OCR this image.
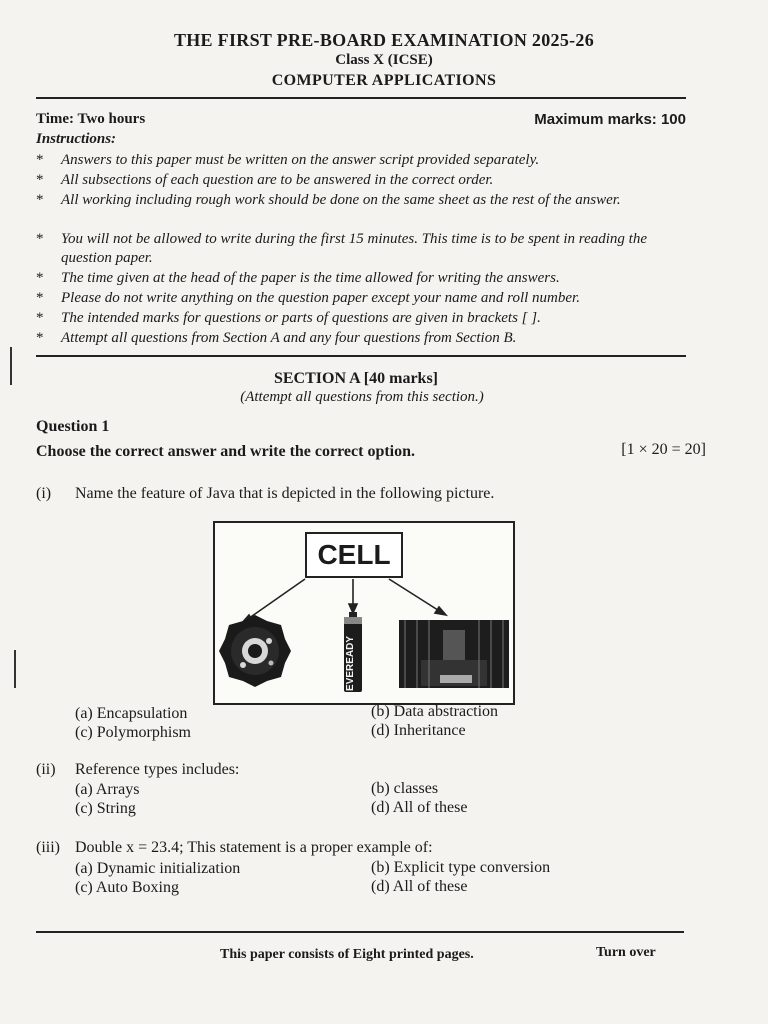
THE FIRST PRE-BOARD EXAMINATION 2025-26
Class X (ICSE)
COMPUTER APPLICATIONS
Time: Two hours	Maximum marks: 100
Instructions:
* Answers to this paper must be written on the answer script provided separately.
* All subsections of each question are to be answered in the correct order.
* All working including rough work should be done on the same sheet as the rest of the answer.
* You will not be allowed to write during the first 15 minutes. This time is to be spent in reading the question paper.
* The time given at the head of the paper is the time allowed for writing the answers.
* Please do not write anything on the question paper except your name and roll number.
* The intended marks for questions or parts of questions are given in brackets [ ].
* Attempt all questions from Section A and any four questions from Section B.
SECTION A [40 marks]
(Attempt all questions from this section.)
Question 1
Choose the correct answer and write the correct option.	[1 × 20 = 20]
(i) Name the feature of Java that is depicted in the following picture.
CELL
EVEREADY
(a) Encapsulation	(b) Data abstraction
(c) Polymorphism	(d) Inheritance
(ii) Reference types includes:
(a) Arrays	(b) classes
(c) String	(d) All of these
(iii) Double x = 23.4; This statement is a proper example of:
(a) Dynamic initialization	(b) Explicit type conversion
(c) Auto Boxing	(d) All of these
This paper consists of Eight printed pages.	Turn over
